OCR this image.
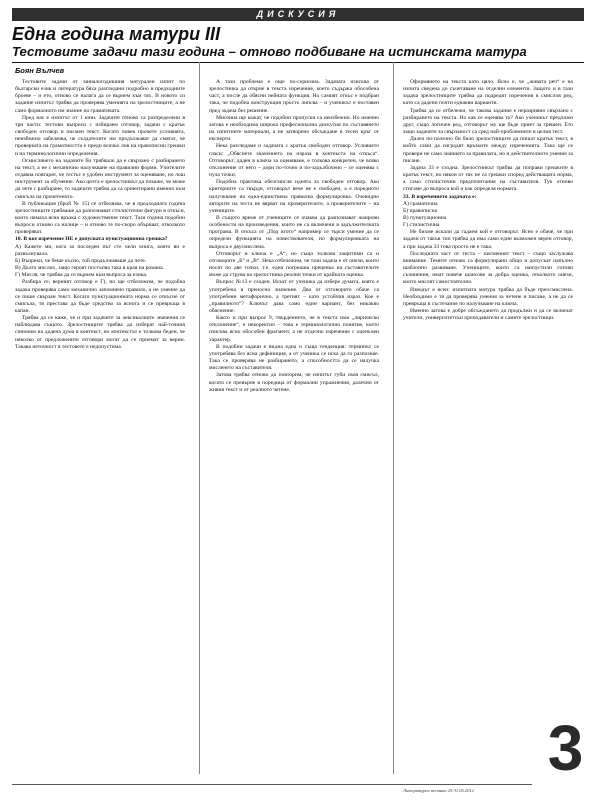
ДИСКУСИЯ
Една година матури III
Тестовите задачи тази година – отново подбиване на истинската матура
Боян Вълчев

Тестовите задачи от миналогодишния матурален изпит по български език и литература бяха разгледани подробно в предходните броеве – и ето, отново се налага да се върнем към тях. В новото си задание изпитът трябва да проверява уменията на зрелостниците, а не само формалното им знание на граматиката.

Пред нас е изпитът от 1 юни. Задачите отново са разпределени в три части: тестови въпроси с избираем отговор, задачи с кратък свободен отговор и писмен текст. Когато човек прочете условията, неизбежно забелязва, че създателите им продължават да смятат, че проверката на грамотността е преди всичко лов на правописни грешки и на терминологични определения.

Осмислянето на задачите би трябвало да е свързано с разбирането на текст, а не с механично налучкване на правилни форми. Учителите отдавна повтарят, че тестът е удобен инструмент за оценяване, но лош инструмент за обучение. Ако целта е зрелостникът да покаже, че може да чете с разбиране, то задачите трябва да са ориентирани именно към смисъла на прочетеното.

В публикация (брой № 15) се отбелязва, че в предходната година зрелостниците трябваше да разпознават стилистични фигури в откъси, които нямаха ясна връзка с художествения текст. Тази година подобни въпроси отново са налице – и отново те по-скоро объркват, отколкото проверяват.

10. В кое изречение НЕ е допусната пунктуационна грешка?

А) Кажете ми, кога за последен път сте чели книга, която ви е развълнувала.

Б) Въпреки, че беше късно, той продължаваше да чете.

В) Дълго мислих, защо героят постъпва така в края на романа.

Г) Мисля, че трябва да се върнем към въпроса за езика.

Разбира се, верният отговор е Г), но ще отбележим, че подобна задача проверява само механично запомнено правило, а не умение да се пише свързан текст. Когато пунктуационната норма се откъсне от смисъла, тя престава да бъде средство за яснота и се превръща в капан.

Трябва да се каже, че и при задачите за лексикалните значения се наблюдава същото. Зрелостниците трябва да изберат най-точния синоним на дадена дума в контекст, но контекстът е толкова беден, че няколко от предложените отговори могат да се приемат за верни. Такава неточност в тестовете е недопустима.

А тази проблема е още по-сериозна. Задачата изисква от зрелостника да открие в текста изречение, което съдържа обособена част, а после да обясни нейната функция. Но самият откъс е подбран така, че подобна конструкция просто липсва – и ученикът е поставен пред задача без решение.

Мнозина ще кажат, че подобни пропуски са неизбежни. Но именно затова е необходима широка професионална дискусия по съставянето на изпитните материали, а не затворено обсъждане в тесен кръг от експерти.

Нека разгледаме и задачата с кратък свободен отговор. Условието гласи: „Обяснете значението на израза в контекста на откъса“. Отговорът, даден в ключа за оценяване, е толкова конкретен, че всяко отклонение от него – дори по-точно и по-задълбочено – се оценява с нула точки.

Подобна практика обезсмисля идеята за свободен отговор. Ако критериите са твърди, отговорът вече не е свободен, а е поредното налучкване на една-единствена правилна формулировка. Очевидно авторите на теста не вярват на проверителите, а проверителите – на учениците.

В същото време от учениците се очаква да разпознават жанрови особености на произведения, които не са включени в задължителната програма. В откъса от „Под игото“ например се търси умение да се определи функцията на повествователя, но формулировката на въпроса е двусмислена.

Отговорът в ключа е „А“, но също толкова защитими са и отговорите „Б“ и „В“. Нека отбележим, че тази задача е от онези, които носят по две точки, т.е. една погрешна преценка на съставителите може да струва на зрелостника реални точки от крайната оценка.

Въпрос №13 е сходен. Искат от ученика да избере думата, която е употребена в преносно значение. Два от отговорите обаче са употребени метафорично, а третият – като устойчив израз. Кое е „правилното“? Ключът дава само един вариант, без никакво обяснение.

Както и при въпрос 9, твърдението, че в текста има „лирическо отклонение“, е некоректно – това е терминологично понятие, което изисква ясно обособен фрагмент, а не отделно изречение с оценъчен характер.

В подобни задачи е видна една и съща тенденция: терминът се употребява без ясна дефиниция, а от ученика се иска да го разпознае. Така се проверява не разбирането, а способността да се налучка мисленето на съставителя.

Затова трябва отново да повторим, че изпитът губи своя смисъл, когато се превърне в поредица от формални упражнения, далечни от живия текст и от реалното четене.

Оформянето на текста като цяло. Ясно е, че „живата реч“ е на изпита сведена до съчетаване на отделни елементи. Защото и в тази задача зрелостниците трябва да подредят изречения в смислов ред, като са дадени почти еднакви варианти.

Трябва да се отбележи, че такова задание е неразривно свързано с разбирането на текста. Но как се оценява то? Ако ученикът предложи друг, също логичен ред, отговорът му ще бъде приет за грешен. Ето защо задачите за свързаност са сред най-проблемните в целия тест.

Далеч по-полезно би било зрелостниците да пишат кратък текст, в който сами да изградят връзките между изреченията. Така ще се провери не само знанието за правилата, но и действителното умение за писане.

Задача 33 е сходна. Зрелостникът трябва да поправи грешките в кратък текст, но някои от тях не са грешки според действащата норма, а само стилистични предпочитания на съставителя. Тук отново стигаме до въпроса кой и как определя нормата.

33. В изречението задачата е:

А) граматична

Б) правописна

В) пунктуационна

Г) стилистична

Не бихме искали да гадаем кой е отговорът. Ясно е обаче, че при задачи от такъв тип трябва да има само един възможен верен отговор, а при задача 33 това просто не е така.

Последната част от теста – писменият текст – също заслужава внимание. Темите отново са формулирани общо и допускат напълно шаблонно развиване. Учениците, които са наизустили готови съчинения, имат повече шансове за добра оценка, отколкото онези, които мислят самостоятелно.

Изводът е ясен: изпитната матура трябва да бъде преосмислена. Необходимо е тя да проверява умения за четене и писане, а не да се превръща в състезание по налучкване на ключа.

Именно затова е добре обсъждането да продължи и да се включат учители, университетски преподаватели и самите зрелостници.

Литературен вестник 25-31.05.2012
3
